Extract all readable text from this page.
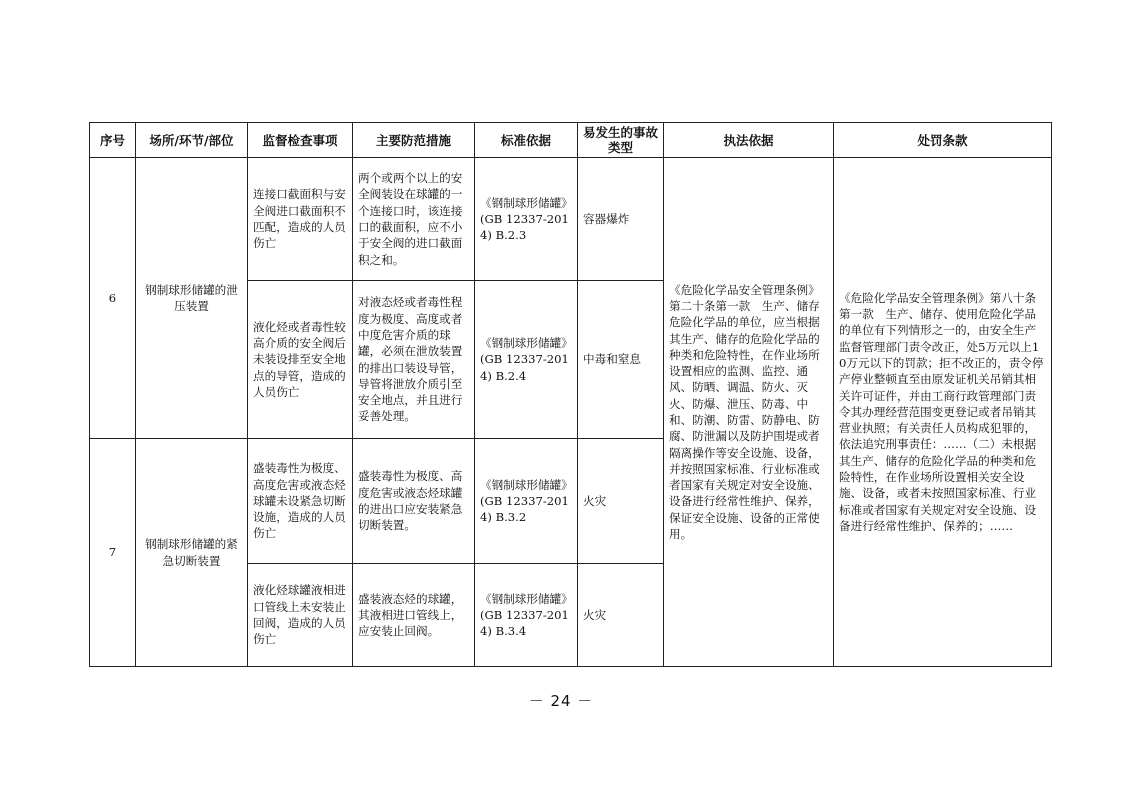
序号	场所/环节/部位	监督检查事项	主要防范措施	标准依据	易发生的事故类型	执法依据	处罚条款
6	钢制球形储罐的泄压装置	连接口截面积与安全阀进口截面积不匹配，造成的人员伤亡	两个或两个以上的安全阀装设在球罐的一个连接口时，该连接口的截面积，应不小于安全阀的进口截面积之和。	《钢制球形储罐》(GB 12337-2014) B.2.3	容器爆炸	《危险化学品安全管理条例》第二十条第一款　生产、储存危险化学品的单位，应当根据其生产、储存的危险化学品的种类和危险特性，在作业场所设置相应的监测、监控、通风、防晒、调温、防火、灭火、防爆、泄压、防毒、中和、防潮、防雷、防静电、防腐、防泄漏以及防护围堤或者隔离操作等安全设施、设备，并按照国家标准、行业标准或者国家有关规定对安全设施、设备进行经常性维护、保养，保证安全设施、设备的正常使用。	《危险化学品安全管理条例》第八十条第一款　生产、储存、使用危险化学品的单位有下列情形之一的，由安全生产监督管理部门责令改正，处5万元以上10万元以下的罚款；拒不改正的，责令停产停业整顿直至由原发证机关吊销其相关许可证件，并由工商行政管理部门责令其办理经营范围变更登记或者吊销其营业执照；有关责任人员构成犯罪的，依法追究刑事责任：……（二）未根据其生产、储存的危险化学品的种类和危险特性，在作业场所设置相关安全设施、设备，或者未按照国家标准、行业标准或者国家有关规定对安全设施、设备进行经常性维护、保养的；……
		液化烃或者毒性较高介质的安全阀后未装设排至安全地点的导管，造成的人员伤亡	对液态烃或者毒性程度为极度、高度或者中度危害介质的球罐，必须在泄放装置的排出口装设导管，导管将泄放介质引至安全地点，并且进行妥善处理。	《钢制球形储罐》(GB 12337-2014) B.2.4	中毒和窒息		
7	钢制球形储罐的紧急切断装置	盛装毒性为极度、高度危害或液态烃球罐未设紧急切断设施，造成的人员伤亡	盛装毒性为极度、高度危害或液态烃球罐的进出口应安装紧急切断装置。	《钢制球形储罐》(GB 12337-2014) B.3.2	火灾		
		液化烃球罐液相进口管线上未安装止回阀，造成的人员伤亡	盛装液态烃的球罐，其液相进口管线上，应安装止回阀。	《钢制球形储罐》(GB 12337-2014) B.3.4	火灾		
－ 24 －
